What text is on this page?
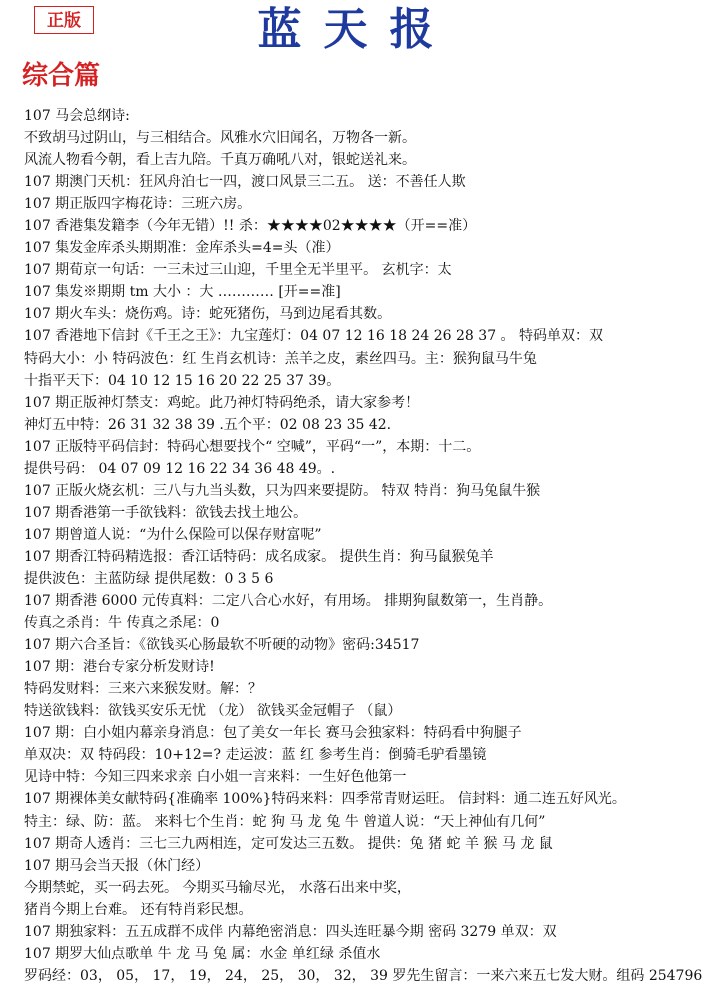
正版	蓝天报
综合篇
107 马会总纲诗:
不致胡马过阴山，与三相结合。风雅水穴旧闻名，万物各一新。
风流人物看今朝，看上吉九陪。千真万确吼八对，银蛇送礼来。
107 期澳门天机：狂风舟泊七一四，渡口风景三二五。 送：不善任人欺
107 期正版四字梅花诗：三班六房。
107 香港集发籍李（今年无错）!! 杀：★★★★02★★★★（开==准）
107 集发金库杀头期期准：金库杀头=4=头（准）
107 期荀京一句话：一三未过三山迎，千里全无半里平。 玄机字：太
107 集发※期期 tm 大小 ：大 ………… [开==准]
107 期火车头：烧伤鸡。诗：蛇死猪伤，马到边尾看其数。
107 香港地下信封《千王之王》：九宝莲灯：04 07 12 16 18 24 26 28 37 。 特码单双：双
特码大小：小 特码波色：红 生肖玄机诗：羔羊之皮，素丝四马。主：猴狗鼠马牛兔
十指平天下：04 10 12 15 16 20 22 25 37 39。
107 期正版神灯禁支：鸡蛇。此乃神灯特码绝杀，请大家参考！
神灯五中特：26 31 32 38 39 .五个平：02 08 23 35 42.
107 正版特平码信封：特码心想要找个“ 空喊”，平码“一”，本期：十二。
提供号码： 04 07 09 12 16 22 34 36 48 49。.
107 正版火烧玄机：三八与九当头数，只为四来要提防。 特双 特肖：狗马兔鼠牛猴
107 期香港第一手欲钱料：欲钱去找土地公。
107 期曾道人说：“为什么保险可以保存财富呢”
107 期香江特码精选报：香江话特码：成名成家。 提供生肖：狗马鼠猴兔羊
提供波色：主蓝防绿 提供尾数：0 3 5 6
107 期香港 6000 元传真料：二定八合心水好，有用场。 排期狗鼠数第一，生肖静。
传真之杀肖：牛 传真之杀尾：0
107 期六合圣旨：《欲钱买心肠最软不听硬的动物》密码:34517
107 期：港台专家分析发财诗!
特码发财料：三来六来猴发财。解：？
特送欲钱料：欲钱买安乐无忧 （龙） 欲钱买金冠帽子 （鼠）
107 期：白小姐内幕亲身消息：包了美女一年长 赛马会独家料：特码看中狗腿子
单双决：双 特码段：10+12=? 走运波：蓝 红 参考生肖：倒骑毛驴看墨镜
见诗中特：今知三四来求亲 白小姐一言来料：一生好色他第一
107 期裸体美女献特码{准确率 100%}特码来料：四季常青财运旺。 信封料：通二连五好风光。
特主：绿、防：蓝。 来料七个生肖：蛇 狗 马 龙 兔 牛 曾道人说：“天上神仙有几何”
107 期奇人透肖：三七三九两相连，定可发达三五数。 提供：兔 猪 蛇 羊 猴 马 龙 鼠
107 期马会当天报（休门经）
今期禁蛇，买一码去死。 今期买马输尽光， 水落石出来中奖，
猪肖今期上台难。 还有特肖彩民想。
107 期独家料：五五成群不成伴 内幕绝密消息：四头连旺暴今期 密码 3279 单双：双
107 期罗大仙点歌单 牛 龙 马 兔 属：水金 单红绿 杀值水
罗码经：03， 05， 17， 19， 24， 25， 30， 32， 39 罗先生留言：一来六来五七发大财。组码 254796
